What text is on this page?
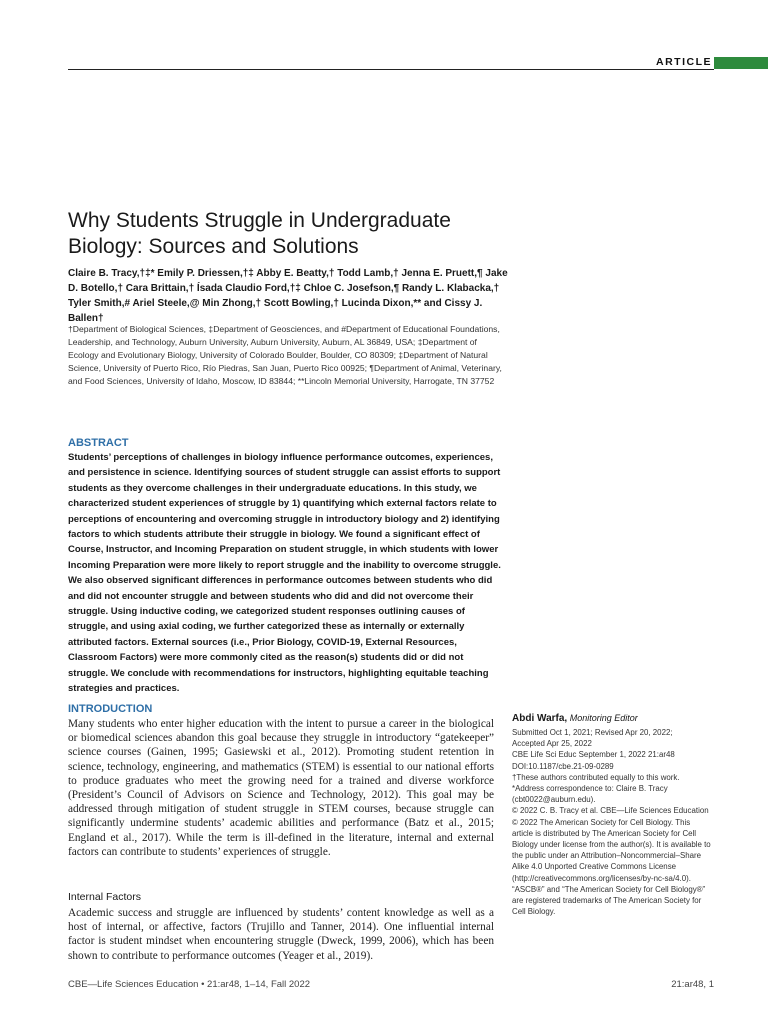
ARTICLE
Why Students Struggle in Undergraduate Biology: Sources and Solutions
Claire B. Tracy,†‡* Emily P. Driessen,†‡ Abby E. Beatty,† Todd Lamb,† Jenna E. Pruett,¶ Jake D. Botello,† Cara Brittain,† Ísada Claudio Ford,†‡ Chloe C. Josefson,¶ Randy L. Klabacka,† Tyler Smith,# Ariel Steele,@ Min Zhong,† Scott Bowling,† Lucinda Dixon,** and Cissy J. Ballen†
†Department of Biological Sciences, ‡Department of Geosciences, and #Department of Educational Foundations, Leadership, and Technology, Auburn University, Auburn University, Auburn, AL 36849, USA; ‡Department of Ecology and Evolutionary Biology, University of Colorado Boulder, Boulder, CO 80309; ‡Department of Natural Science, University of Puerto Rico, Río Piedras, San Juan, Puerto Rico 00925; ¶Department of Animal, Veterinary, and Food Sciences, University of Idaho, Moscow, ID 83844; **Lincoln Memorial University, Harrogate, TN 37752
ABSTRACT
Students’ perceptions of challenges in biology influence performance outcomes, experiences, and persistence in science. Identifying sources of student struggle can assist efforts to support students as they overcome challenges in their undergraduate educations. In this study, we characterized student experiences of struggle by 1) quantifying which external factors relate to perceptions of encountering and overcoming struggle in introductory biology and 2) identifying factors to which students attribute their struggle in biology. We found a significant effect of Course, Instructor, and Incoming Preparation on student struggle, in which students with lower Incoming Preparation were more likely to report struggle and the inability to overcome struggle. We also observed significant differences in performance outcomes between students who did and did not encounter struggle and between students who did and did not overcome their struggle. Using inductive coding, we categorized student responses outlining causes of struggle, and using axial coding, we further categorized these as internally or externally attributed factors. External sources (i.e., Prior Biology, COVID-19, External Resources, Classroom Factors) were more commonly cited as the reason(s) students did or did not struggle. We conclude with recommendations for instructors, highlighting equitable teaching strategies and practices.
INTRODUCTION
Many students who enter higher education with the intent to pursue a career in the biological or biomedical sciences abandon this goal because they struggle in introductory “gatekeeper” science courses (Gainen, 1995; Gasiewski et al., 2012). Promoting student retention in science, technology, engineering, and mathematics (STEM) is essential to our national efforts to produce graduates who meet the growing need for a trained and diverse workforce (President’s Council of Advisors on Science and Technology, 2012). This goal may be addressed through mitigation of student struggle in STEM courses, because struggle can significantly undermine students’ academic abilities and performance (Batz et al., 2015; England et al., 2017). While the term is ill-defined in the literature, internal and external factors can contribute to students’ experiences of struggle.
Internal Factors
Academic success and struggle are influenced by students’ content knowledge as well as a host of internal, or affective, factors (Trujillo and Tanner, 2014). One influential internal factor is student mindset when encountering struggle (Dweck, 1999, 2006), which has been shown to contribute to performance outcomes (Yeager et al., 2019).
Abdi Warfa, Monitoring Editor
Submitted Oct 1, 2021; Revised Apr 20, 2022;
Accepted Apr 25, 2022
CBE Life Sci Educ September 1, 2022 21:ar48
DOI:10.1187/cbe.21-09-0289
†These authors contributed equally to this work.
*Address correspondence to: Claire B. Tracy
(cbt0022@auburn.edu).
© 2022 C. B. Tracy et al. CBE—Life Sciences Education © 2022 The American Society for Cell Biology. This article is distributed by The American Society for Cell Biology under license from the author(s). It is available to the public under an Attribution–Noncommercial–Share Alike 4.0 Unported Creative Commons License (http://creativecommons.org/licenses/by-nc-sa/4.0).
“ASCB®” and “The American Society for Cell Biology®” are registered trademarks of The American Society for Cell Biology.
CBE—Life Sciences Education • 21:ar48, 1–14, Fall 2022	21:ar48, 1
